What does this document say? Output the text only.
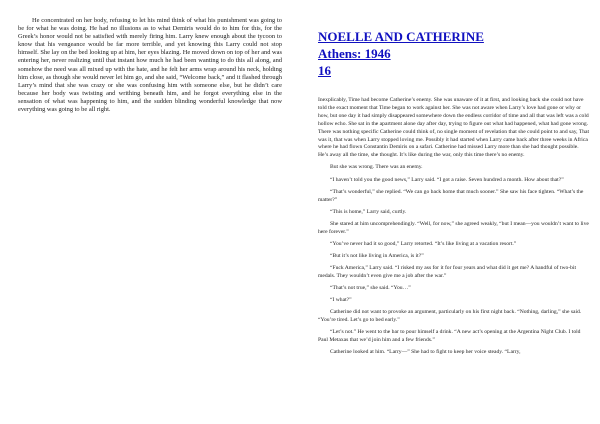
He concentrated on her body, refusing to let his mind think of what his punishment was going to be for what he was doing. He had no illusions as to what Demiris would do to him for this, for the Greek’s honor would not be satisfied with merely firing him. Larry knew enough about the tycoon to know that his vengeance would be far more terrible, and yet knowing this Larry could not stop himself. She lay on the bed looking up at him, her eyes blazing. He moved down on top of her and was entering her, never realizing until that instant how much he had been wanting to do this all along, and somehow the need was all mixed up with the hate, and he felt her arms wrap around his neck, holding him close, as though she would never let him go, and she said, “Welcome back,” and it flashed through Larry’s mind that she was crazy or she was confusing him with someone else, but he didn’t care because her body was twisting and writhing beneath him, and he forgot everything else in the sensation of what was happening to him, and the sudden blinding wonderful knowledge that now everything was going to be all right.

NOELLE AND CATHERINE
Athens: 1946
16

Inexplicably, Time had become Catherine’s enemy. She was unaware of it at first, and looking back she could not have told the exact moment that Time began to work against her. She was not aware when Larry’s love had gone or why or how, but one day it had simply disappeared somewhere down the endless corridor of time and all that was left was a cold hollow echo. She sat in the apartment alone day after day, trying to figure out what had happened, what had gone wrong. There was nothing specific Catherine could think of, no single moment of revelation that she could point to and say, That was it, that was when Larry stopped loving me. Possibly it had started when Larry came back after three weeks in Africa where he had flown Constantin Demiris on a safari. Catherine had missed Larry more than she had thought possible. He’s away all the time, she thought. It’s like during the war, only this time there’s no enemy.

But she was wrong. There was an enemy.

“I haven’t told you the good news,” Larry said. “I got a raise. Seven hundred a month. How about that?”

“That’s wonderful,” she replied. “We can go back home that much sooner.” She saw his face tighten. “What’s the matter?”

“This is home,” Larry said, curtly.

She stared at him uncomprehendingly. “Well, for now,” she agreed weakly, “but I mean—you wouldn’t want to live here forever.”

“You’ve never had it so good,” Larry retorted. “It’s like living at a vacation resort.”

“But it’s not like living in America, is it?”

“Fuck America,” Larry said. “I risked my ass for it for four years and what did it get me? A handful of two-bit medals. They wouldn’t even give me a job after the war.”

“That’s not true,” she said. “You…”

“I what?”

Catherine did not want to provoke an argument, particularly on his first night back. “Nothing, darling,” she said. “You’re tired. Let’s go to bed early.”

“Let’s not.” He went to the bar to pour himself a drink. “A new act’s opening at the Argentina Night Club. I told Paul Metaxas that we’d join him and a few friends.”

Catherine looked at him. “Larry—” She had to fight to keep her voice steady. “Larry,
